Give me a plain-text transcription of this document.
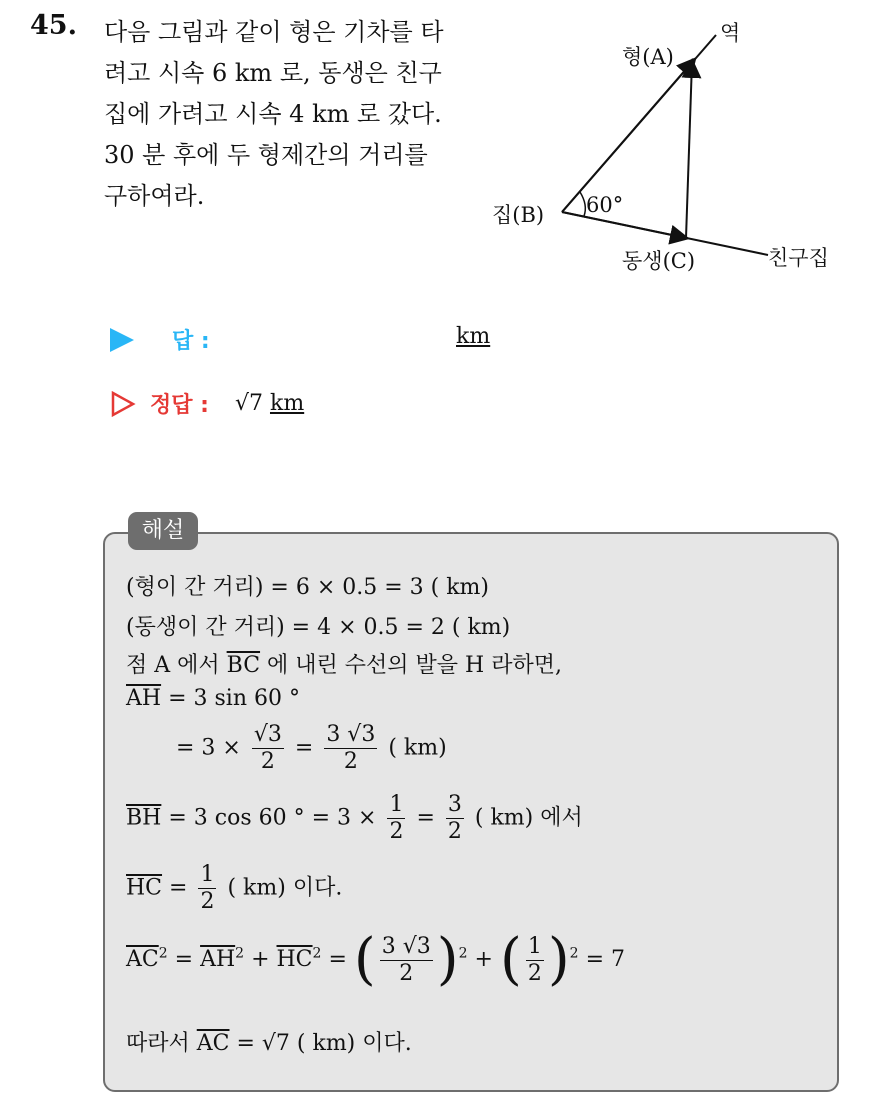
45. 다음 그림과 같이 형은 기차를 타
려고 시속 6 km 로, 동생은 친구
집에 가려고 시속 4 km 로 갔다.
30 분 후에 두 형제간의 거리를
구하여라.
형(A)
역
집(B) 60°
동생(C)	친구집
답 :	km
정답 : √7 km
해설
(형이 간 거리) = 6 × 0.5 = 3 ( km)
(동생이 간 거리) = 4 × 0.5 = 2 ( km)
점 A 에서 $\overline{BC}$ 에 내린 수선의 발을 H 라하면,
$\overline{AH} = 3$ sin 60 °
= $3 \times \frac{√3}{2} = \frac{3 √3}{2}$ ( km)
$\overline{BH} = 3$ cos 60 ° = $3 \times \frac{1}{2} = \frac{3}{2}$ ( km) 에서
$\overline{HC} = \frac{1}{2}$ ( km) 이다.
$\overline{AC}^2 = \overline{AH}^2 + \overline{HC}^2$ = ( $\frac{3 √3}{2} )^2$ + ( $\frac{1}{2} )^2 = 7$
따라서 $\overline{AC} = √7$ ( km) 이다.
